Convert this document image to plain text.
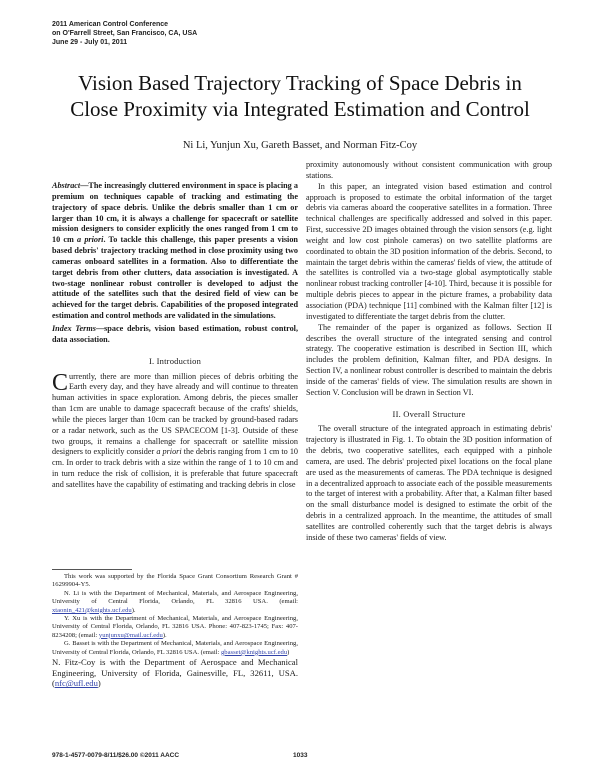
2011 American Control Conference
on O'Farrell Street, San Francisco, CA, USA
June 29 - July 01, 2011
Vision Based Trajectory Tracking of Space Debris in
Close Proximity via Integrated Estimation and Control
Ni Li, Yunjun Xu, Gareth Basset, and Norman Fitz-Coy

Abstract—The increasingly cluttered environment in space is placing a premium on techniques capable of tracking and estimating the trajectory of space debris. Unlike the debris smaller than 1 cm or larger than 10 cm, it is always a challenge for spacecraft or satellite mission designers to consider explicitly the ones ranged from 1 cm to 10 cm a priori. To tackle this challenge, this paper presents a vision based debris' trajectory tracking method in close proximity using two cameras onboard satellites in a formation. Also to differentiate the target debris from other clutters, data association is investigated. A two-stage nonlinear robust controller is developed to adjust the attitude of the satellites such that the desired field of view can be achieved for the target debris. Capabilities of the proposed integrated estimation and control methods are validated in the simulations.

Index Terms—space debris, vision based estimation, robust control, data association.

I. Introduction

Currently, there are more than million pieces of debris orbiting the Earth every day, and they have already and will continue to threaten human activities in space exploration. Among debris, the pieces smaller than 1cm are unable to damage spacecraft because of the crafts' shields, while the pieces larger than 10cm can be tracked by ground-based radars or a radar network, such as the US SPACECOM [1-3]. Outside of these two groups, it remains a challenge for spacecraft or satellite mission designers to explicitly consider a priori the debris ranging from 1 cm to 10 cm. In order to track debris with a size within the range of 1 to 10 cm and in turn reduce the risk of collision, it is preferable that future spacecraft and satellites have the capability of estimating and tracking debris in close

This work was supported by the Florida Space Grant Consortium Research Grant # 16299904-Y5.

N. Li is with the Department of Mechanical, Materials, and Aerospace Engineering, University of Central Florida, Orlando, FL 32816 USA. (email: xtaonin_421@knights.ucf.edu).

Y. Xu is with the Department of Mechanical, Materials, and Aerospace Engineering, University of Central Florida, Orlando, FL 32816 USA. Phone: 407-823-1745; Fax: 407-8234208; (email: yunjunxu@mail.ucf.edu).

G. Basset is with the Department of Mechanical, Materials, and Aerospace Engineering, University of Central Florida, Orlando, FL 32816 USA. (email: gbasset@knights.ucf.edu)

N. Fitz-Coy is with the Department of Aerospace and Mechanical Engineering, University of Florida, Gainesville, FL, 32611, USA. (nfc@ufl.edu)

proximity autonomously without consistent communication with group stations.

In this paper, an integrated vision based estimation and control approach is proposed to estimate the orbital information of the target debris via cameras aboard the cooperative satellites in a formation. Three technical challenges are specifically addressed and solved in this paper. First, successive 2D images obtained through the vision sensors (e.g. light weight and low cost pinhole cameras) on two satellite platforms are coordinated to obtain the 3D position information of the debris. Second, to maintain the target debris within the cameras' fields of view, the attitude of the satellites is controlled via a two-stage global asymptotically stable nonlinear robust tracking controller [4-10]. Third, because it is possible for multiple debris pieces to appear in the picture frames, a probability data association (PDA) technique [11] combined with the Kalman filter [12] is investigated to differentiate the target debris from the clutter.

The remainder of the paper is organized as follows. Section II describes the overall structure of the integrated sensing and control strategy. The cooperative estimation is described in Section III, which includes the problem definition, Kalman filter, and PDA designs. In Section IV, a nonlinear robust controller is described to maintain the debris inside of the cameras' fields of view. The simulation results are shown in Section V. Conclusion will be drawn in Section VI.

II. Overall Structure

The overall structure of the integrated approach in estimating debris' trajectory is illustrated in Fig. 1. To obtain the 3D position information of the debris, two cooperative satellites, each equipped with a pinhole camera, are used. The debris' projected pixel locations on the focal plane are used as the measurements of cameras. The PDA technique is designed in a decentralized approach to associate each of the possible measurements to the target of interest with a probability. After that, a Kalman filter based on the small disturbance model is designed to estimate the orbit of the debris in a centralized approach. In the meantime, the attitudes of small satellites are controlled coherently such that the target debris is always inside of these two cameras' fields of view.

978-1-4577-0079-8/11/$26.00 ©2011 AACC	1033
